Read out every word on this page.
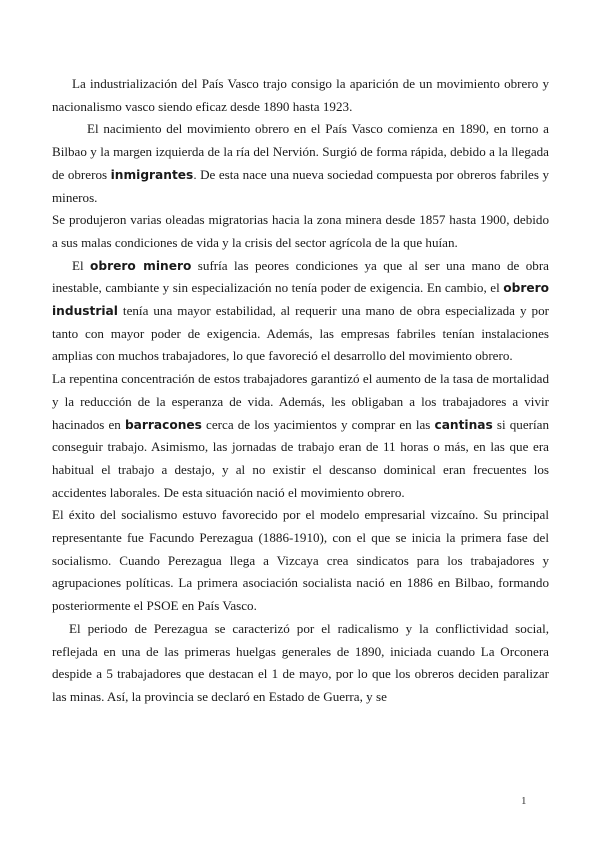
La industrialización del País Vasco trajo consigo la aparición de un movimiento obrero y nacionalismo vasco siendo eficaz desde 1890 hasta 1923.

El nacimiento del movimiento obrero en el País Vasco comienza en 1890, en torno a Bilbao y la margen izquierda de la ría del Nervión. Surgió de forma rápida, debido a la llegada de obreros inmigrantes. De esta nace una nueva sociedad compuesta por obreros fabriles y mineros.

Se produjeron varias oleadas migratorias hacia la zona minera desde 1857 hasta 1900, debido a sus malas condiciones de vida y la crisis del sector agrícola de la que huían.

El obrero minero sufría las peores condiciones ya que al ser una mano de obra inestable, cambiante y sin especialización no tenía poder de exigencia. En cambio, el obrero industrial tenía una mayor estabilidad, al requerir una mano de obra especializada y por tanto con mayor poder de exigencia. Además, las empresas fabriles tenían instalaciones amplias con muchos trabajadores, lo que favoreció el desarrollo del movimiento obrero.

La repentina concentración de estos trabajadores garantizó el aumento de la tasa de mortalidad y la reducción de la esperanza de vida. Además, les obligaban a los trabajadores a vivir hacinados en barracones cerca de los yacimientos y comprar en las cantinas si querían conseguir trabajo. Asimismo, las jornadas de trabajo eran de 11 horas o más, en las que era habitual el trabajo a destajo, y al no existir el descanso dominical eran frecuentes los accidentes laborales. De esta situación nació el movimiento obrero.

El éxito del socialismo estuvo favorecido por el modelo empresarial vizcaíno. Su principal representante fue Facundo Perezagua (1886-1910), con el que se inicia la primera fase del socialismo. Cuando Perezagua llega a Vizcaya crea sindicatos para los trabajadores y agrupaciones políticas. La primera asociación socialista nació en 1886 en Bilbao, formando posteriormente el PSOE en País Vasco.

El periodo de Perezagua se caracterizó por el radicalismo y la conflictividad social, reflejada en una de las primeras huelgas generales de 1890, iniciada cuando La Orconera despide a 5 trabajadores que destacan el 1 de mayo, por lo que los obreros deciden paralizar las minas. Así, la provincia se declaró en Estado de Guerra, y se

1
